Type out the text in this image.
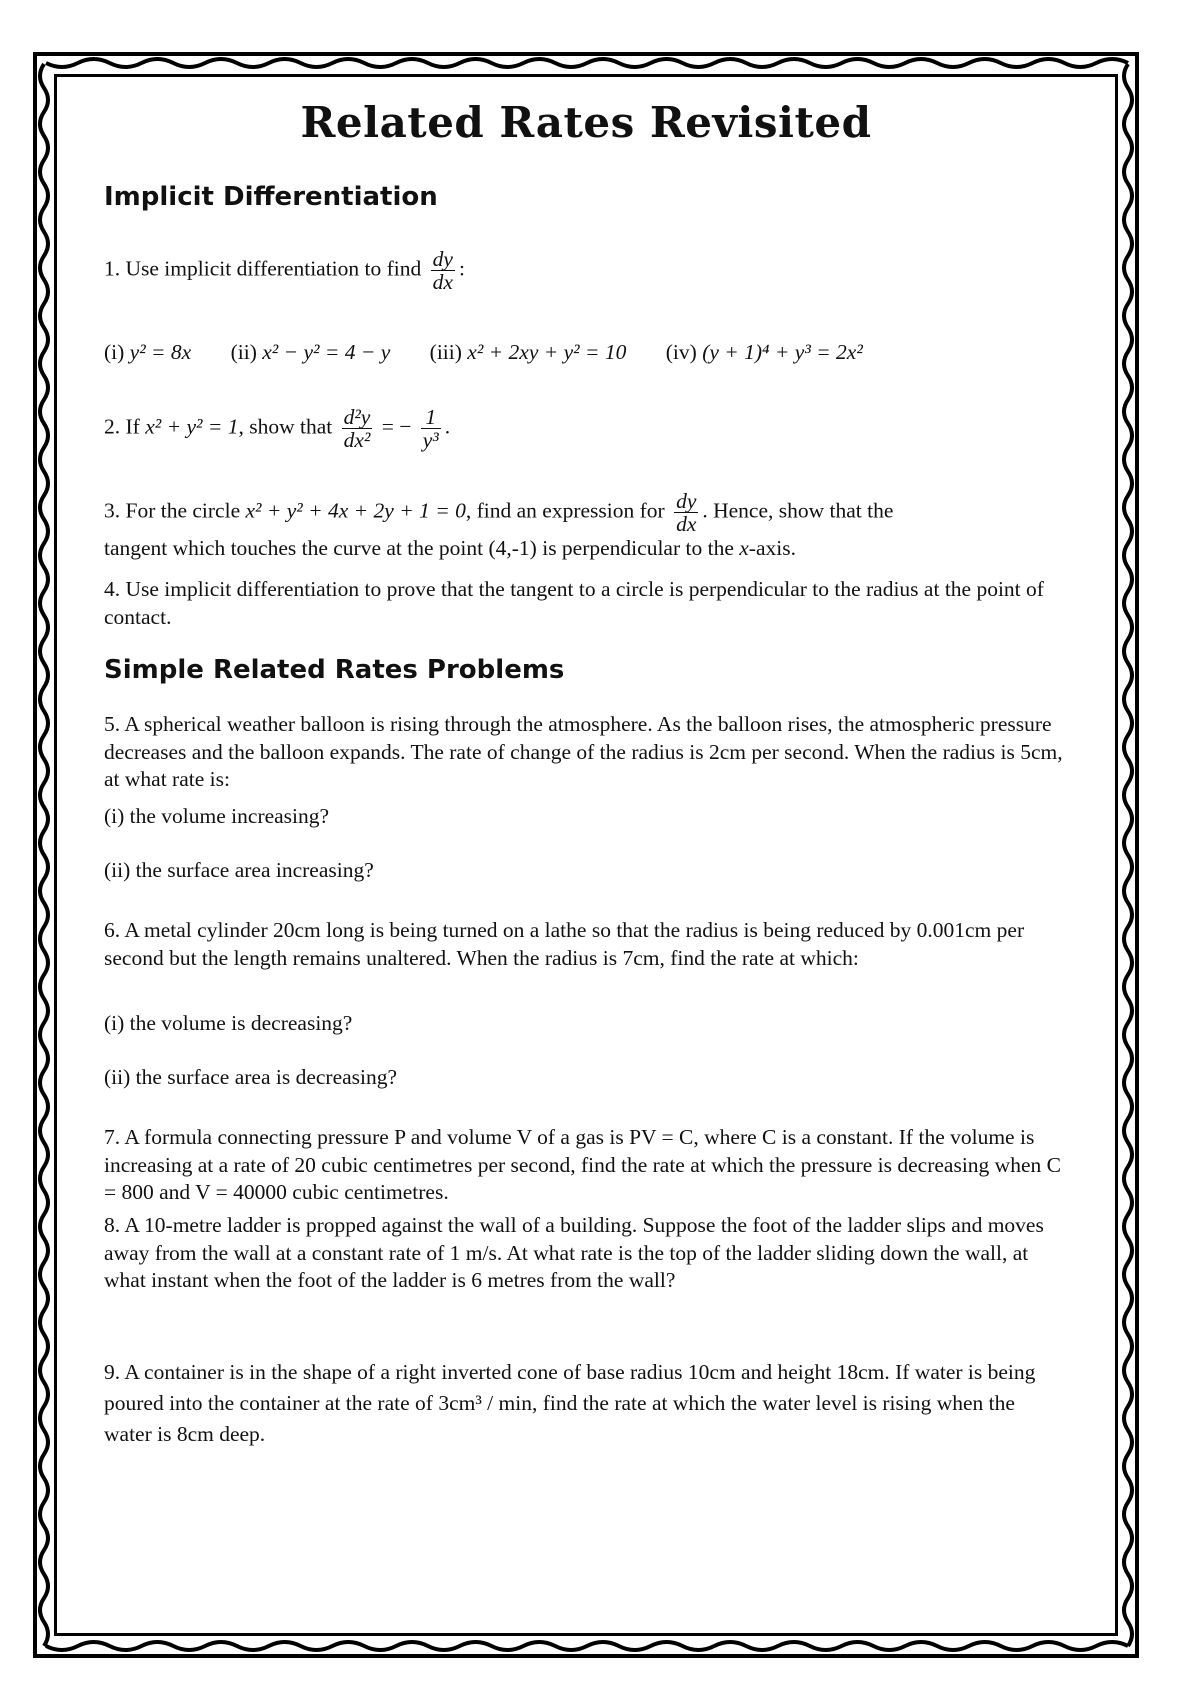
Related Rates Revisited
Implicit Differentiation
1. Use implicit differentiation to find $\frac{dy}{dx}$ :
(i) y² = 8x (ii) x² − y² = 4 − y (iii) x² + 2xy + y² = 10 (iv) (y + 1)⁴ + y³ = 2x²
2. If x² + y² = 1, show that $\frac{\text{d²y}}{\text{dx²}}$ = − $\frac{1}{\text{y³}}$ .
3. For the circle x² + y² + 4x + 2y + 1 = 0, find an expression for $\frac{dy}{dx}$ . Hence, show that the
tangent which touches the curve at the point (4,-1) is perpendicular to the x-axis.
4. Use implicit differentiation to prove that the tangent to a circle is perpendicular to the radius at the point of contact.
Simple Related Rates Problems
5. A spherical weather balloon is rising through the atmosphere. As the balloon rises, the atmospheric pressure decreases and the balloon expands. The rate of change of the radius is 2cm per second. When the radius is 5cm, at what rate is:
(i) the volume increasing?
(ii) the surface area increasing?
6. A metal cylinder 20cm long is being turned on a lathe so that the radius is being reduced by 0.001cm per second but the length remains unaltered. When the radius is 7cm, find the rate at which:
(i) the volume is decreasing?
(ii) the surface area is decreasing?
7. A formula connecting pressure P and volume V of a gas is PV = C, where C is a constant. If the volume is increasing at a rate of 20 cubic centimetres per second, find the rate at which the pressure is decreasing when C = 800 and V = 40000 cubic centimetres.
8. A 10-metre ladder is propped against the wall of a building. Suppose the foot of the ladder slips and moves away from the wall at a constant rate of 1 m/s. At what rate is the top of the ladder sliding down the wall, at what instant when the foot of the ladder is 6 metres from the wall?
9. A container is in the shape of a right inverted cone of base radius 10cm and height 18cm. If water is being poured into the container at the rate of 3cm³ / min, find the rate at which the water level is rising when the water is 8cm deep.
